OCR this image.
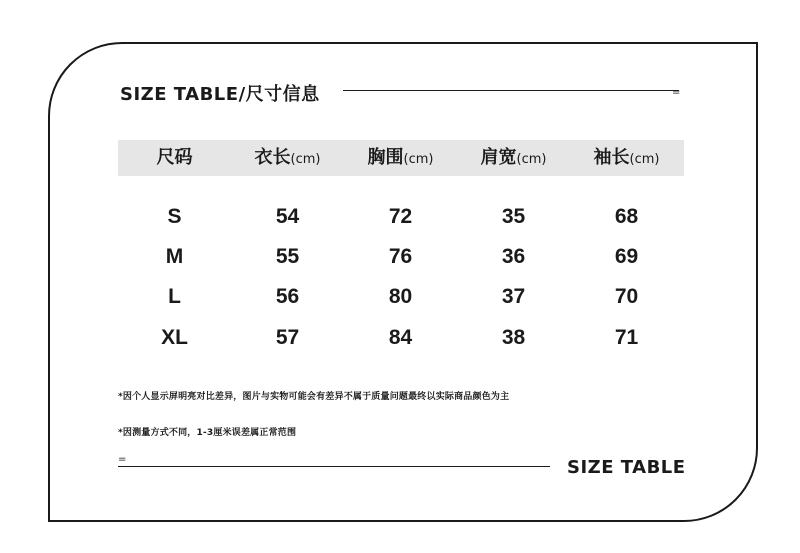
SIZE TABLE/尺寸信息	=
尺码	衣长(cm)	胸围(cm)	肩宽(cm)	袖长(cm)
S	54	72	35	68
M	55	76	36	69
L	56	80	37	70
XL	57	84	38	71
*因个人显示屏明亮对比差异，图片与实物可能会有差异不属于质量问题最终以实际商品颜色为主
*因测量方式不同，1-3厘米误差属正常范围
=	SIZE TABLE
